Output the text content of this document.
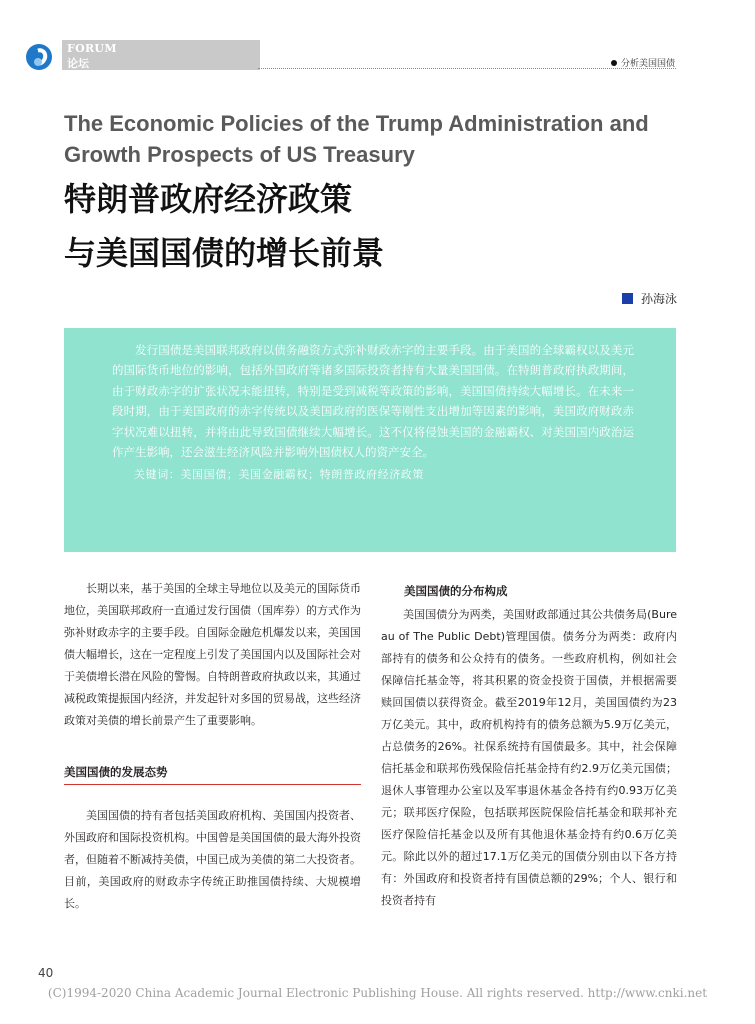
FORUM
论坛	分析美国国债
The Economic Policies of the Trump Administration and Growth Prospects of US Treasury
特朗普政府经济政策
与美国国债的增长前景
孙海泳

发行国债是美国联邦政府以债务融资方式弥补财政赤字的主要手段。由于美国的全球霸权以及美元的国际货币地位的影响，包括外国政府等诸多国际投资者持有大量美国国债。在特朗普政府执政期间，由于财政赤字的扩张状况未能扭转，特别是受到减税等政策的影响，美国国债持续大幅增长。在未来一段时期，由于美国政府的赤字传统以及美国政府的医保等刚性支出增加等因素的影响，美国政府财政赤字状况难以扭转，并将由此导致国债继续大幅增长。这不仅将侵蚀美国的金融霸权、对美国国内政治运作产生影响，还会滋生经济风险并影响外国债权人的资产安全。

关键词：美国国债；美国金融霸权；特朗普政府经济政策

长期以来，基于美国的全球主导地位以及美元的国际货币地位，美国联邦政府一直通过发行国债（国库券）的方式作为弥补财政赤字的主要手段。自国际金融危机爆发以来，美国国债大幅增长，这在一定程度上引发了美国国内以及国际社会对于美债增长潜在风险的警惕。自特朗普政府执政以来，其通过减税政策提振国内经济，并发起针对多国的贸易战，这些经济政策对美债的增长前景产生了重要影响。

美国国债的发展态势

美国国债的持有者包括美国政府机构、美国国内投资者、外国政府和国际投资机构。中国曾是美国国债的最大海外投资者，但随着不断减持美债，中国已成为美债的第二大投资者。目前，美国政府的财政赤字传统正助推国债持续、大规模增长。

美国国债的分布构成

美国国债分为两类，美国财政部通过其公共债务局(Bureau of The Public Debt)管理国债。债务分为两类：政府内部持有的债务和公众持有的债务。一些政府机构，例如社会保障信托基金等，将其积累的资金投资于国债，并根据需要赎回国债以获得资金。截至2019年12月，美国国债约为23万亿美元。其中，政府机构持有的债务总额为5.9万亿美元，占总债务的26%。社保系统持有国债最多。其中，社会保障信托基金和联邦伤残保险信托基金持有约2.9万亿美元国债；退休人事管理办公室以及军事退休基金各持有约0.93万亿美元；联邦医疗保险，包括联邦医院保险信托基金和联邦补充医疗保险信托基金以及所有其他退休基金持有约0.6万亿美元。除此以外的超过17.1万亿美元的国债分别由以下各方持有：外国政府和投资者持有国债总额的29%；个人、银行和投资者持有

40
(C)1994-2020 China Academic Journal Electronic Publishing House. All rights reserved. http://www.cnki.net
